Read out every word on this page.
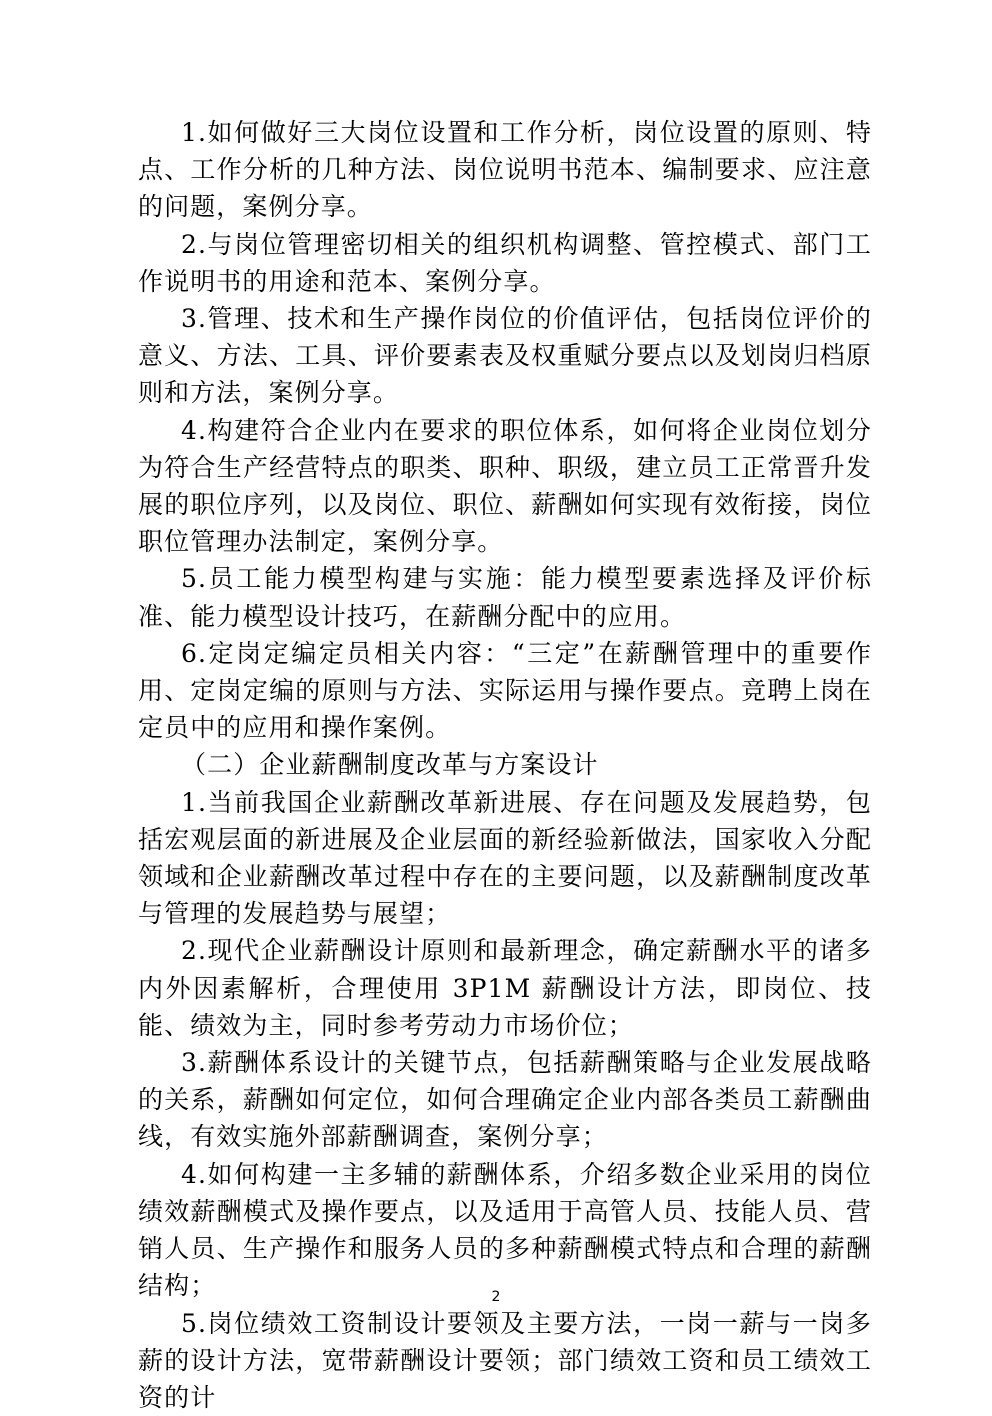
1.如何做好三大岗位设置和工作分析，岗位设置的原则、特点、工作分析的几种方法、岗位说明书范本、编制要求、应注意的问题，案例分享。

2.与岗位管理密切相关的组织机构调整、管控模式、部门工作说明书的用途和范本、案例分享。

3.管理、技术和生产操作岗位的价值评估，包括岗位评价的意义、方法、工具、评价要素表及权重赋分要点以及划岗归档原则和方法，案例分享。

4.构建符合企业内在要求的职位体系，如何将企业岗位划分为符合生产经营特点的职类、职种、职级，建立员工正常晋升发展的职位序列，以及岗位、职位、薪酬如何实现有效衔接，岗位职位管理办法制定，案例分享。

5.员工能力模型构建与实施：能力模型要素选择及评价标准、能力模型设计技巧，在薪酬分配中的应用。

6.定岗定编定员相关内容：“三定”在薪酬管理中的重要作用、定岗定编的原则与方法、实际运用与操作要点。竞聘上岗在定员中的应用和操作案例。

（二）企业薪酬制度改革与方案设计

1.当前我国企业薪酬改革新进展、存在问题及发展趋势，包括宏观层面的新进展及企业层面的新经验新做法，国家收入分配领域和企业薪酬改革过程中存在的主要问题，以及薪酬制度改革与管理的发展趋势与展望；

2.现代企业薪酬设计原则和最新理念，确定薪酬水平的诸多内外因素解析，合理使用 3P1M 薪酬设计方法，即岗位、技能、绩效为主，同时参考劳动力市场价位；

3.薪酬体系设计的关键节点，包括薪酬策略与企业发展战略的关系，薪酬如何定位，如何合理确定企业内部各类员工薪酬曲线，有效实施外部薪酬调查，案例分享；

4.如何构建一主多辅的薪酬体系，介绍多数企业采用的岗位绩效薪酬模式及操作要点，以及适用于高管人员、技能人员、营销人员、生产操作和服务人员的多种薪酬模式特点和合理的薪酬结构；

5.岗位绩效工资制设计要领及主要方法，一岗一薪与一岗多薪的设计方法，宽带薪酬设计要领；部门绩效工资和员工绩效工资的计

2
